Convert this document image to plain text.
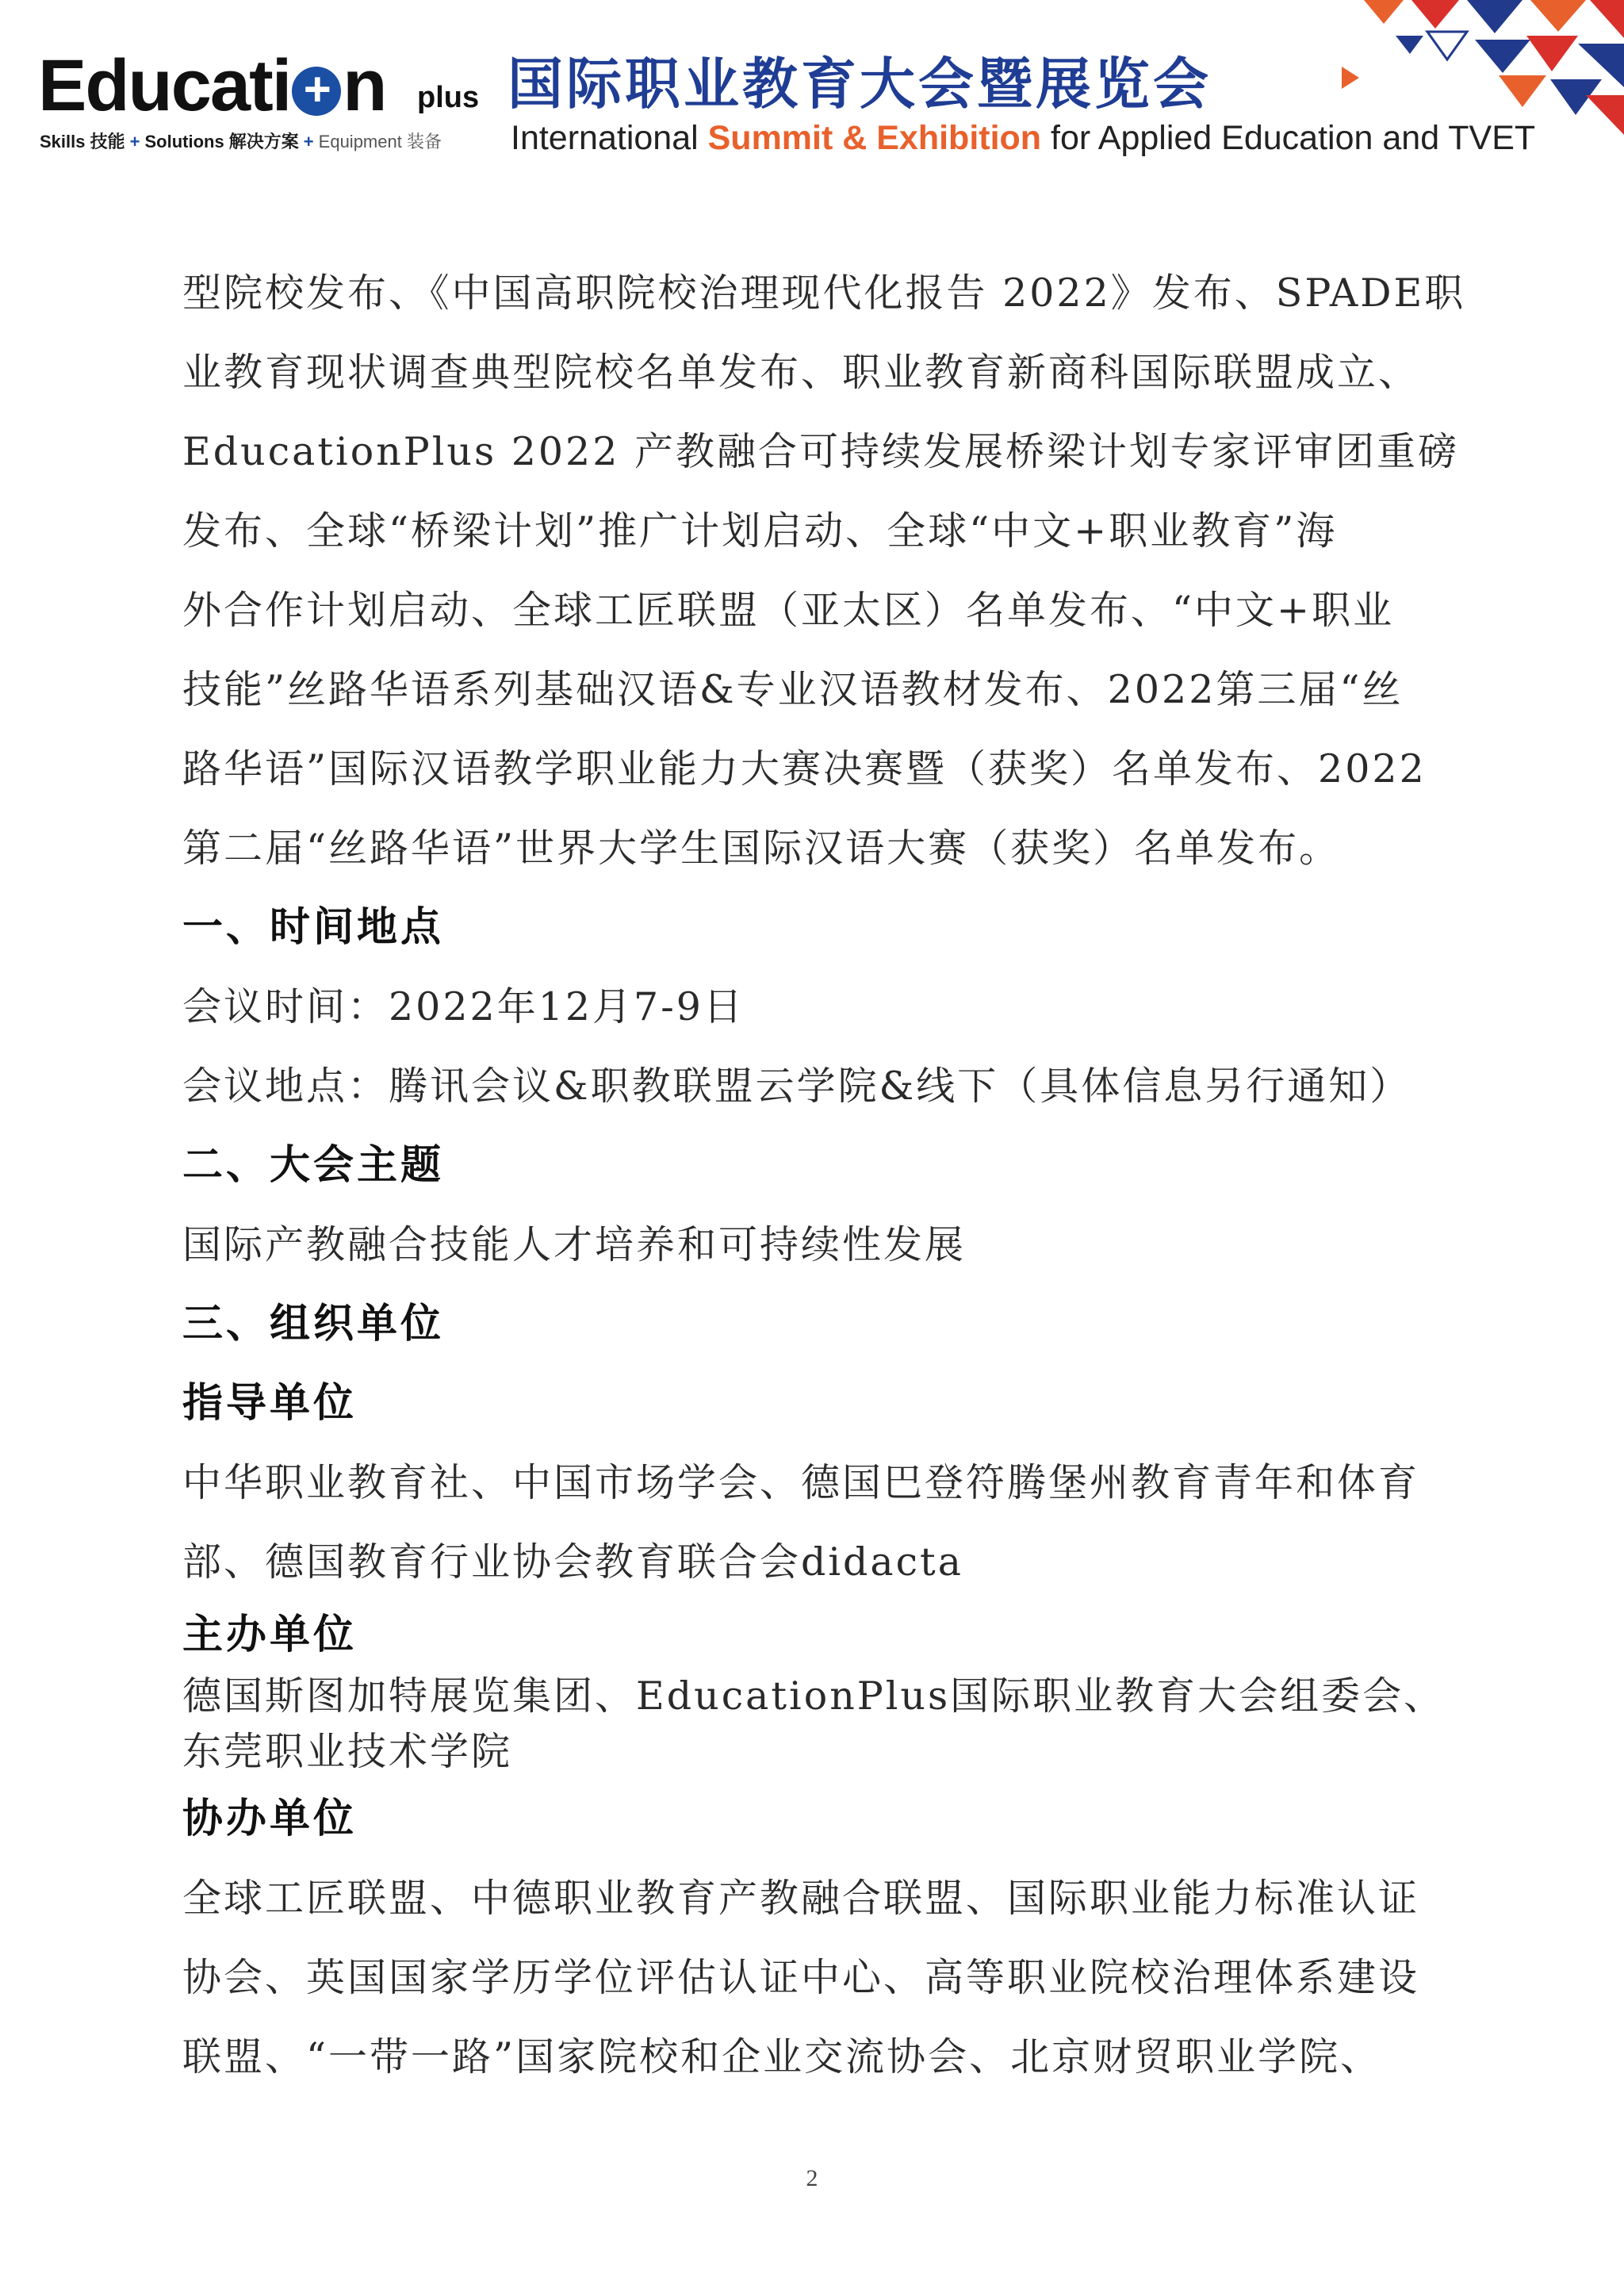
Educati + n plus
Skills 技能 + Solutions 解决方案 + Equipment 装备
国际职业教育大会暨展览会
International Summit & Exhibition for Applied Education and TVET
型院校发布、《中国高职院校治理现代化报告 2022》发布、SPADE职
业教育现状调查典型院校名单发布、职业教育新商科国际联盟成立、
EducationPlus 2022 产教融合可持续发展桥梁计划专家评审团重磅
发布、全球“桥梁计划”推广计划启动、全球“中文+职业教育”海
外合作计划启动、全球工匠联盟（亚太区）名单发布、“中文+职业
技能”丝路华语系列基础汉语&专业汉语教材发布、2022第三届“丝
路华语”国际汉语教学职业能力大赛决赛暨（获奖）名单发布、2022
第二届“丝路华语”世界大学生国际汉语大赛（获奖）名单发布。
一、时间地点
会议时间：2022年12月7-9日
会议地点：腾讯会议&职教联盟云学院&线下（具体信息另行通知）
二、大会主题
国际产教融合技能人才培养和可持续性发展
三、组织单位
指导单位
中华职业教育社、中国市场学会、德国巴登符腾堡州教育青年和体育
部、德国教育行业协会教育联合会didacta
主办单位
德国斯图加特展览集团、EducationPlus国际职业教育大会组委会、
东莞职业技术学院
协办单位
全球工匠联盟、中德职业教育产教融合联盟、国际职业能力标准认证
协会、英国国家学历学位评估认证中心、高等职业院校治理体系建设
联盟、“一带一路”国家院校和企业交流协会、北京财贸职业学院、
2
